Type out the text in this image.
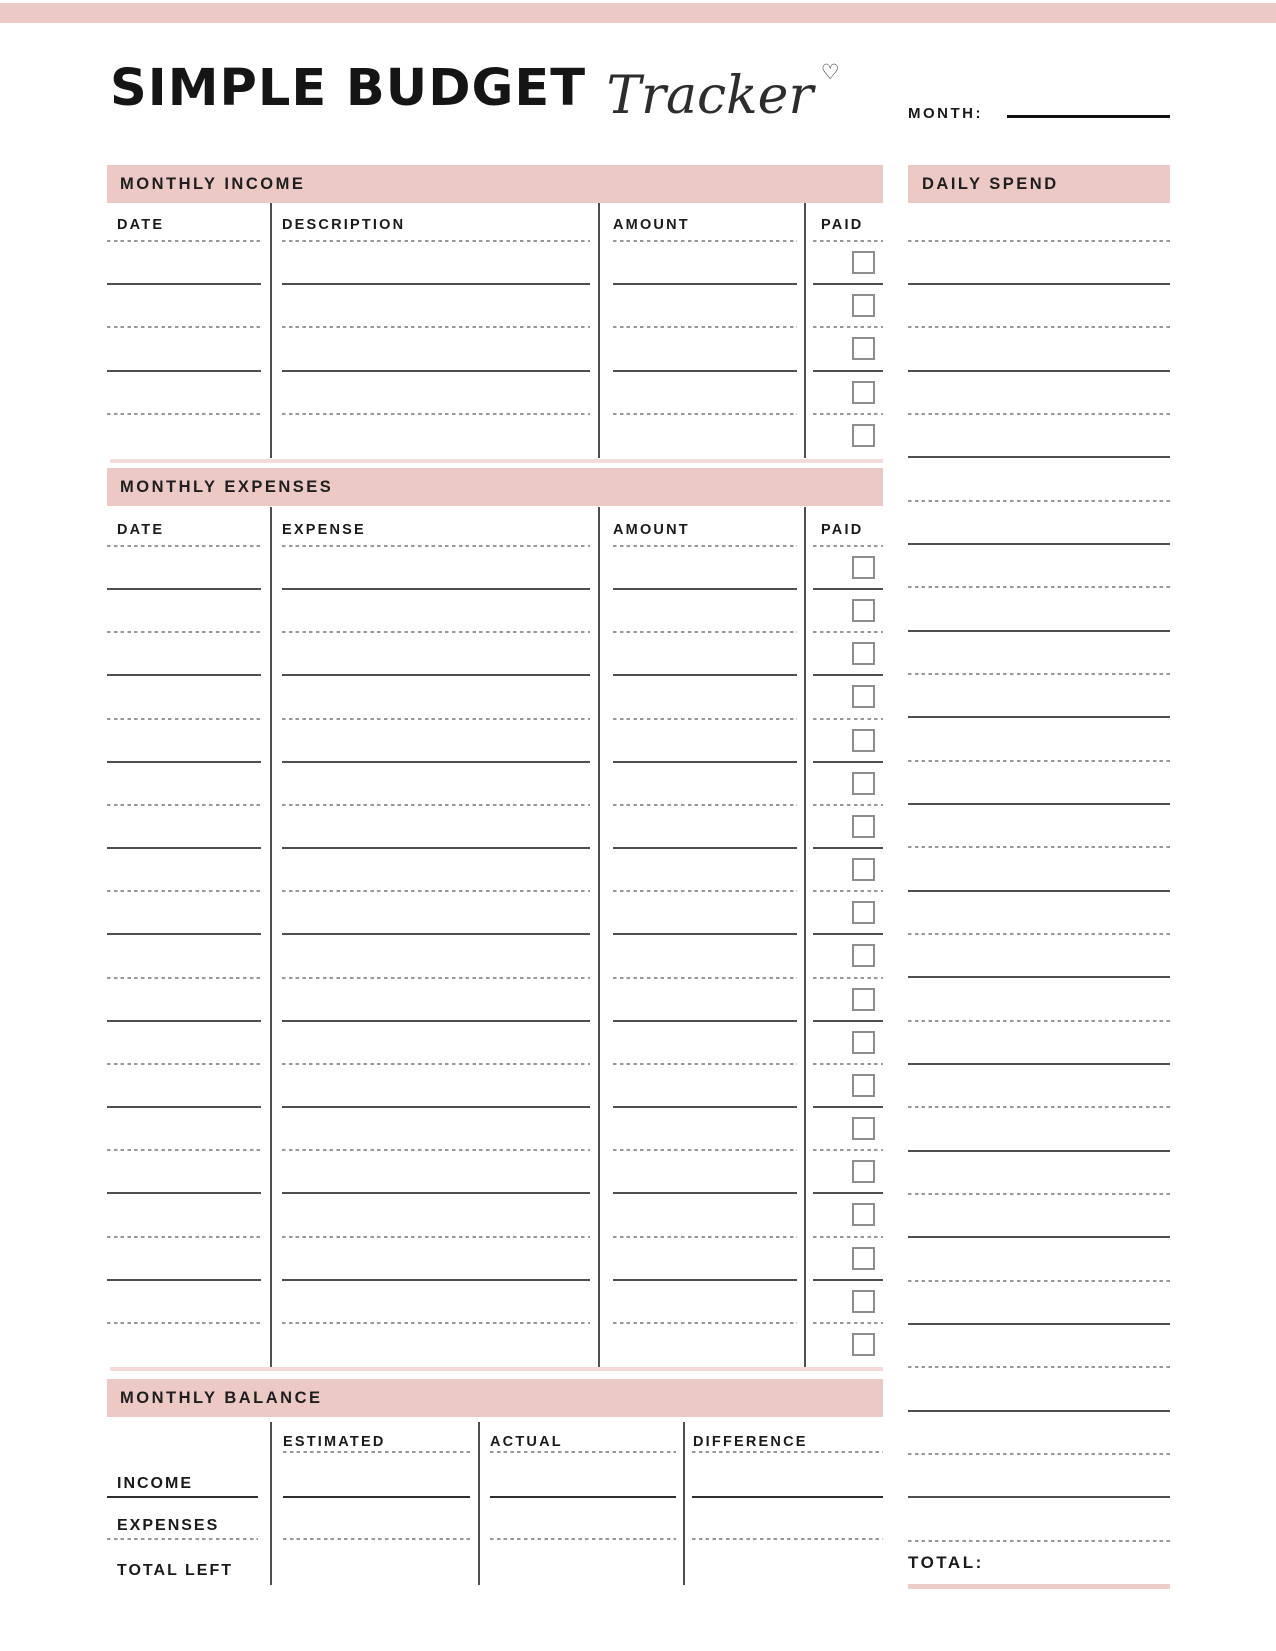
SIMPLE BUDGET Tracker ♡
MONTH:
MONTHLY INCOME
DATE	DESCRIPTION	AMOUNT	PAID
MONTHLY EXPENSES
DATE	EXPENSE	AMOUNT	PAID
MONTHLY BALANCE
ESTIMATED	ACTUAL	DIFFERENCE
INCOME
EXPENSES
TOTAL LEFT
DAILY SPEND
TOTAL:
